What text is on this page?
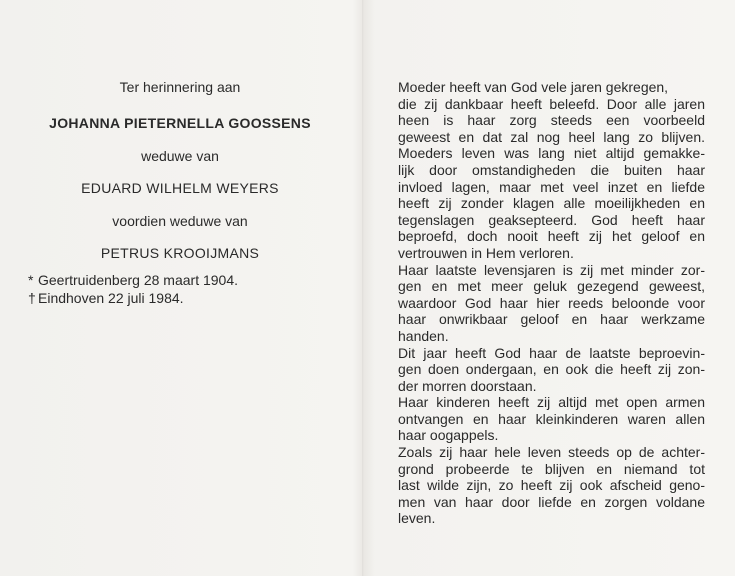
Ter herinnering aan
JOHANNA PIETERNELLA GOOSSENS
weduwe van
EDUARD WILHELM WEYERS
voordien weduwe van
PETRUS KROOIJMANS
* Geertruidenberg 28 maart 1904.
† Eindhoven 22 juli 1984.
Moeder heeft van God vele jaren gekregen,
die zij dankbaar heeft beleefd. Door alle jaren
heen is haar zorg steeds een voorbeeld
geweest en dat zal nog heel lang zo blijven.
Moeders leven was lang niet altijd gemakke-
lijk door omstandigheden die buiten haar
invloed lagen, maar met veel inzet en liefde
heeft zij zonder klagen alle moeilijkheden en
tegenslagen geaksepteerd. God heeft haar
beproefd, doch nooit heeft zij het geloof en
vertrouwen in Hem verloren.
Haar laatste levensjaren is zij met minder zor-
gen en met meer geluk gezegend geweest,
waardoor God haar hier reeds beloonde voor
haar onwrikbaar geloof en haar werkzame
handen.
Dit jaar heeft God haar de laatste beproevin-
gen doen ondergaan, en ook die heeft zij zon-
der morren doorstaan.
Haar kinderen heeft zij altijd met open armen
ontvangen en haar kleinkinderen waren allen
haar oogappels.
Zoals zij haar hele leven steeds op de achter-
grond probeerde te blijven en niemand tot
last wilde zijn, zo heeft zij ook afscheid geno-
men van haar door liefde en zorgen voldane
leven.
